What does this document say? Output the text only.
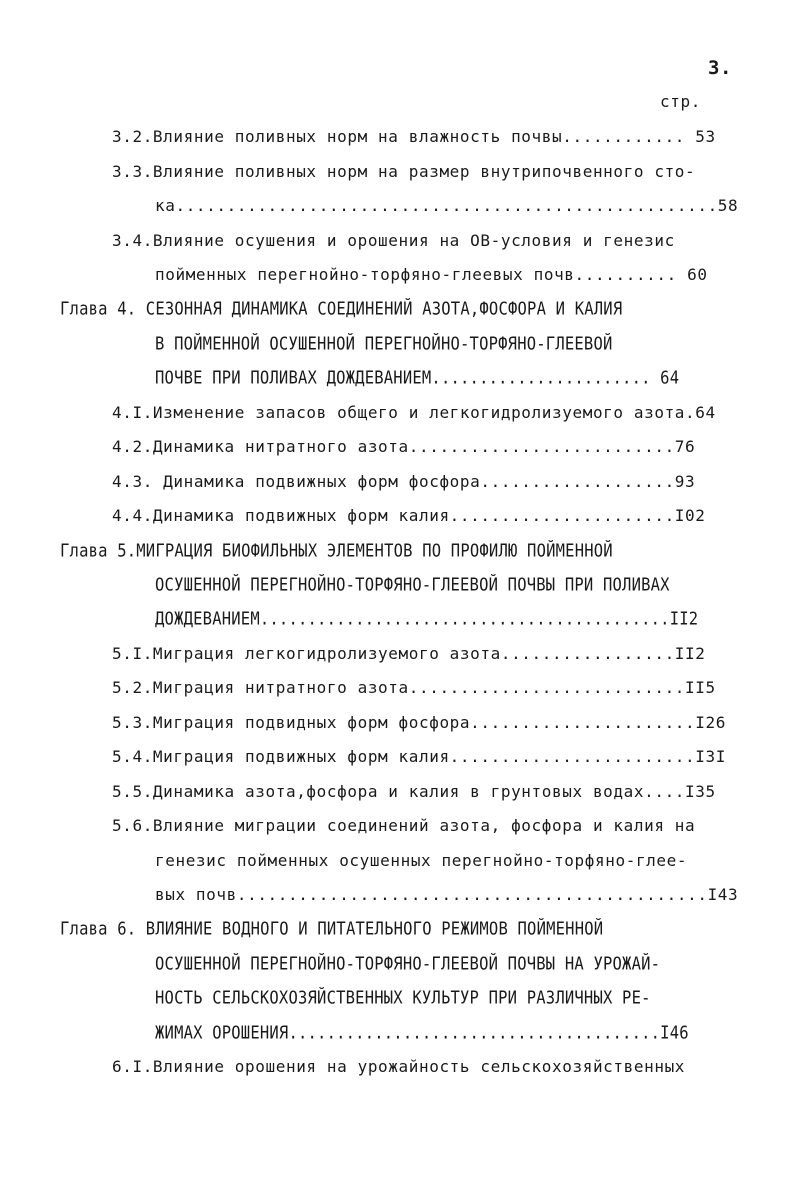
3.
стр.
3.2.Влияние поливных норм на влажность почвы............ 53
3.3.Влияние поливных норм на размер внутрипочвенного сто-
ка.....................................................58
3.4.Влияние осушения и орошения на ОВ-условия и генезис
пойменных перегнойно-торфяно-глеевых почв.......... 60
Глава 4. СЕЗОННАЯ ДИНАМИКА СОЕДИНЕНИЙ АЗОТА,ФОСФОРА И КАЛИЯ
В ПОЙМЕННОЙ ОСУШЕННОЙ ПЕРЕГНОЙНО-ТОРФЯНО-ГЛЕЕВОЙ
ПОЧВЕ ПРИ ПОЛИВАХ ДОЖДЕВАНИЕМ....................... 64
4.I.Изменение запасов общего и легкогидролизуемого азота.64
4.2.Динамика нитратного азота..........................76
4.3. Динамика подвижных форм фосфора...................93
4.4.Динамика подвижных форм калия......................I02
Глава 5.МИГРАЦИЯ БИОФИЛЬНЫХ ЭЛЕМЕНТОВ ПО ПРОФИЛЮ ПОЙМЕННОЙ
ОСУШЕННОЙ ПЕРЕГНОЙНО-ТОРФЯНО-ГЛЕЕВОЙ ПОЧВЫ ПРИ ПОЛИВАХ
ДОЖДЕВАНИЕМ...........................................II2
5.I.Миграция легкогидролизуемого азота.................II2
5.2.Миграция нитратного азота...........................II5
5.3.Миграция подвидных форм фосфора......................I26
5.4.Миграция подвижных форм калия........................I3I
5.5.Динамика азота,фосфора и калия в грунтовых водах....I35
5.6.Влияние миграции соединений азота, фосфора и калия на
генезис пойменных осушенных перегнойно-торфяно-глее-
вых почв..............................................I43
Глава 6. ВЛИЯНИЕ ВОДНОГО И ПИТАТЕЛЬНОГО РЕЖИМОВ ПОЙМЕННОЙ
ОСУШЕННОЙ ПЕРЕГНОЙНО-ТОРФЯНО-ГЛЕЕВОЙ ПОЧВЫ НА УРОЖАЙ-
НОСТЬ СЕЛЬСКОХОЗЯЙСТВЕННЫХ КУЛЬТУР ПРИ РАЗЛИЧНЫХ РЕ-
ЖИМАХ ОРОШЕНИЯ.......................................I46
6.I.Влияние орошения на урожайность сельскохозяйственных
